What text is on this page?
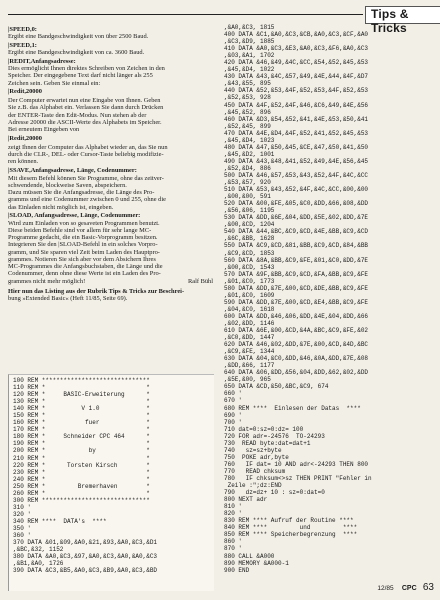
Tips & Tricks

|SPEED,0:

Ergibt eine Bandgeschwindigkeit von über 2500 Baud.

|SPEED,1:

Ergibt eine Bandgeschwindigkeit von ca. 3600 Baud.

|REDIT,Anfangsadresse:

Dies ermöglicht Ihnen direktes Schreiben von Zeichen in den

Speicher. Der eingegebene Text darf nicht länger als 255

Zeichen sein. Geben Sie einmal ein:

|Redit,20000

Der Computer erwartet nun eine Eingabe von Ihnen. Geben

Sie z.B. das Alphabet ein. Verlassen Sie dann durch Drücken

der ENTER-Taste den Edit-Modus. Nun stehen ab der

Adresse 20000 die ASCII-Werte des Alphabets im Speicher.

Bei erneutem Eingeben von

|Redit,20000

zeigt Ihnen der Computer das Alphabet wieder an, das Sie nun

durch die CLR-, DEL- oder Cursor-Taste beliebig modifizie-

ren können.

|SSAVE,Anfangsadresse, Länge, Codenummer:

Mit diesem Befehl können Sie Programme, ohne das zeitver-

schwendende, blockweise Saven, abspeichern.

Dazu müssen Sie die Anfangsadresse, die Länge des Pro-

gramms und eine Codenummer zwischen 0 und 255, ohne die

das Einladen nicht möglich ist, eingeben.

|SLOAD, Anfangsadresse, Länge, Codenummer:

Wird zum Einladen von so gesaveten Programmen benutzt.

Diese beiden Befehle sind vor allem für sehr lange MC-

Programme gedacht, die ein Basic-Vorprogramm besitzen.

Integrieren Sie den |SLOAD-Befehl in ein solches Vorpro-

gramm, und Sie sparen viel Zeit beim Laden des Hauptpro-

grammes. Notieren Sie sich aber vor dem Absichern Ihres

MC-Programmes die Anfangsbuchstaben, die Länge und die

Codenummer, denn ohne diese Werte ist ein Laden des Pro-

grammes nicht mehr möglich!	Ralf Bühl

Hier nun das Listing aus der Rubrik Tips & Tricks zur Beschrei-

bung »Extended Basic« (Heft 11/85, Seite 69).

100 REM ******************************
110 REM *                            *
120 REM *     BASIC-Erweiterung      *
130 REM *                            *
140 REM *          V 1.0             *
150 REM *                            *
160 REM *           fuer             *
170 REM *                            *
180 REM *     Schneider CPC 464      *
190 REM *                            *
200 REM *            by              *
210 REM *                            *
220 REM *      Torsten Kirsch        *
230 REM *                            *
240 REM *                            *
250 REM *         Bremerhaven        *
260 REM *                            *
300 REM ******************************
310 '
320 '
340 REM ****  DATA's  ****
350 '
360 '
370 DATA &01,&09,&A0,&21,&93,&A0,&C3,&D1
,&BC,&32, 1152
380 DATA &A0,&C3,&97,&A0,&C3,&A0,&A0,&C3
,&B1,&A0, 1726
390 DATA &C3,&B5,&A0,&C3,&B9,&A0,&C3,&BD
,&A0,&C3, 1815
400 DATA &C1,&A0,&C3,&CB,&A0,&C3,&CF,&A0
,&C3,&D9, 1885
410 DATA &A0,&C3,&E3,&A0,&C3,&F6,&A0,&C3
,&03,&A1, 1702
420 DATA &46,&49,&4C,&CC,&54,&52,&45,&53
,&45,&D4, 1022
430 DATA &43,&4C,&57,&49,&4E,&44,&4F,&D7
,&43,&55, 895
440 DATA &52,&53,&4F,&52,&53,&4F,&52,&53
,&52,&53, 928
450 DATA &4F,&52,&4F,&46,&C6,&49,&4E,&56
,&45,&52, 896
460 DATA &D3,&54,&52,&41,&4E,&53,&50,&41
,&52,&45, 899
470 DATA &4E,&D4,&4F,&52,&41,&52,&45,&53
,&45,&D4, 1023
480 DATA &47,&50,&45,&CE,&47,&50,&41,&50
,&45,&D2, 1001
490 DATA &43,&48,&41,&52,&49,&4E,&56,&45
,&52,&D4, 886
500 DATA &46,&57,&53,&43,&52,&4F,&4C,&CC
,&53,&57, 920
510 DATA &53,&43,&52,&4F,&4C,&CC,&00,&00
,&00,&00, 591
520 DATA &00,&FE,&05,&C0,&DD,&66,&08,&DD
,&56,&06, 1195
530 DATA &DD,&6E,&04,&DD,&5E,&02,&DD,&7E
,&00,&CD, 1204
540 DATA &44,&BC,&C9,&CD,&4E,&BB,&C9,&CD
,&6C,&BB, 1628
550 DATA &C9,&CD,&81,&BB,&C9,&CD,&84,&BB
,&C9,&CD, 1853
560 DATA &8A,&BB,&C9,&FE,&01,&C0,&DD,&7E
,&00,&CD, 1543
570 DATA &9F,&BB,&C9,&CD,&FA,&BB,&C9,&FE
,&01,&C0, 1773
580 DATA &DD,&7E,&00,&CD,&DE,&BB,&C9,&FE
,&01,&C0, 1609
590 DATA &DD,&7E,&00,&CD,&E4,&BB,&C9,&FE
,&04,&C0, 1618
600 DATA &DD,&46,&06,&DD,&4E,&04,&DD,&66
,&02,&DD, 1146
610 DATA &6E,&00,&CD,&4A,&BC,&C9,&FE,&02
,&C0,&DD, 1447
620 DATA &46,&02,&DD,&7E,&00,&CD,&4D,&BC
,&C9,&FE, 1344
630 DATA &04,&C0,&DD,&46,&0A,&DD,&7E,&08
,&DD,&66, 1177
640 DATA &06,&DD,&56,&04,&DD,&62,&02,&DD
,&5E,&00, 965
650 DATA &CD,&50,&BC,&C9, 674
660 '
670 '
680 REM ****  Einlesen der Datas  ****
690 '
700 '
710 dat=0:sz=0:dz= 100
720 FOR adr=-24576  TO-24293
730  READ byte:dat=dat+1
740   sz=sz+byte
750  POKE adr,byte
760   IF dat= 10 AND adr<-24293 THEN 800
770   READ chksum
780   IF chksum<>sz THEN PRINT "Fehler in
Zeile :";dz:END
790   dz=dz+ 10 : sz=0:dat=0
800 NEXT adr
810 '
820 '
830 REM **** Aufruf der Routine ****
840 REM ****         und         ****
850 REM **** Speicherbegrenzung  ****
860 '
870 '
880 CALL &A000
890 MEMORY &A000-1
900 END
12/85 CPC 63
